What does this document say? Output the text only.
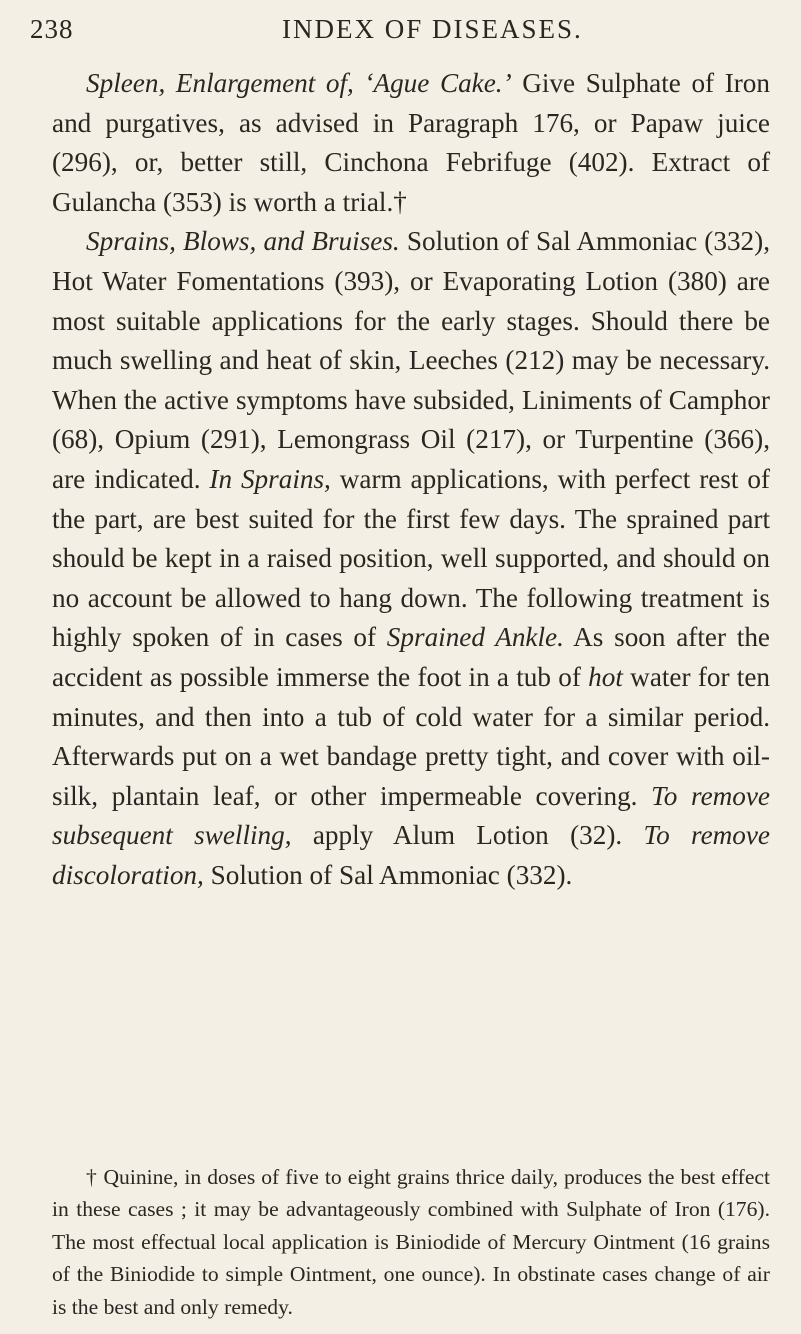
238	INDEX OF DISEASES.

Spleen, Enlargement of, ‘Ague Cake.’ Give Sulphate of Iron and purgatives, as advised in Paragraph 176, or Papaw juice (296), or, better still, Cinchona Febrifuge (402). Extract of Gulancha (353) is worth a trial.†

Sprains, Blows, and Bruises. Solution of Sal Ammoniac (332), Hot Water Fomentations (393), or Evaporating Lotion (380) are most suitable applications for the early stages. Should there be much swelling and heat of skin, Leeches (212) may be necessary. When the active symptoms have subsided, Liniments of Camphor (68), Opium (291), Lemongrass Oil (217), or Turpentine (366), are indicated. In Sprains, warm applications, with perfect rest of the part, are best suited for the first few days. The sprained part should be kept in a raised position, well supported, and should on no account be allowed to hang down. The following treatment is highly spoken of in cases of Sprained Ankle. As soon after the accident as possible immerse the foot in a tub of hot water for ten minutes, and then into a tub of cold water for a similar period. Afterwards put on a wet bandage pretty tight, and cover with oil-silk, plantain leaf, or other impermeable covering. To remove subsequent swelling, apply Alum Lotion (32). To remove discoloration, Solution of Sal Ammoniac (332).

† Quinine, in doses of five to eight grains thrice daily, produces the best effect in these cases ; it may be advantageously combined with Sulphate of Iron (176). The most effectual local application is Biniodide of Mercury Ointment (16 grains of the Biniodide to simple Ointment, one ounce). In obstinate cases change of air is the best and only remedy.
